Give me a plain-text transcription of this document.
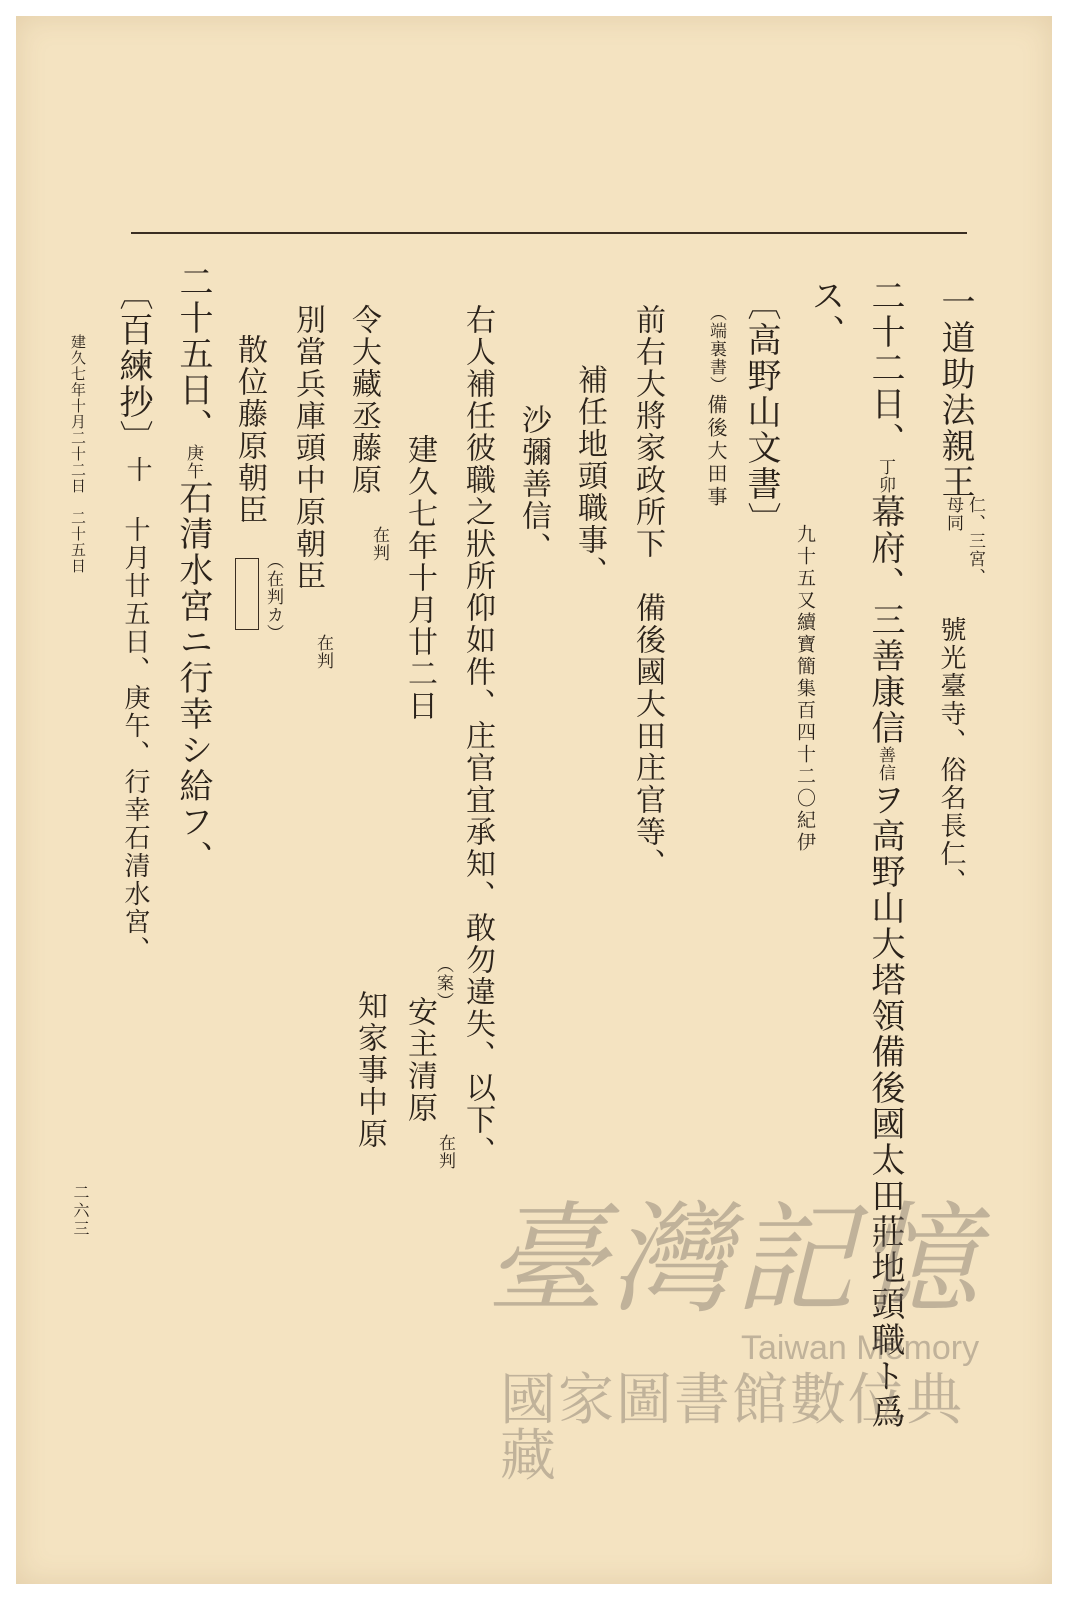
一道助法親王
仁、三宮、
母同
號光臺寺、俗名長仁、
二十二日、丁卯幕府、三善康信善信ヲ高野山大塔領備後國太田莊地頭職ト爲
ス、
〔高野山文書〕
九十五又續寶簡集百四十二〇紀伊
（端裏書）備後大田事
前右大將家政所下　備後國大田庄官等、
補任地頭職事、
沙彌善信、
右人補任彼職之狀所仰如件、庄官宜承知、敢勿違失、以下、
建久七年十月廿二日
（案）
安主清原
在判
令大藏丞藤原
在判
知家事中原
別當兵庫頭中原朝臣
在判
散位藤原朝臣
（在判カ）
二十五日、庚午石清水宮ニ行幸シ給フ、
〔百練抄〕
十
十月廿五日、庚午、行幸石清水宮、
建久七年十月二十二日　二十五日
二六三	臺灣記憶
Taiwan Memory
國家圖書館數位典藏
